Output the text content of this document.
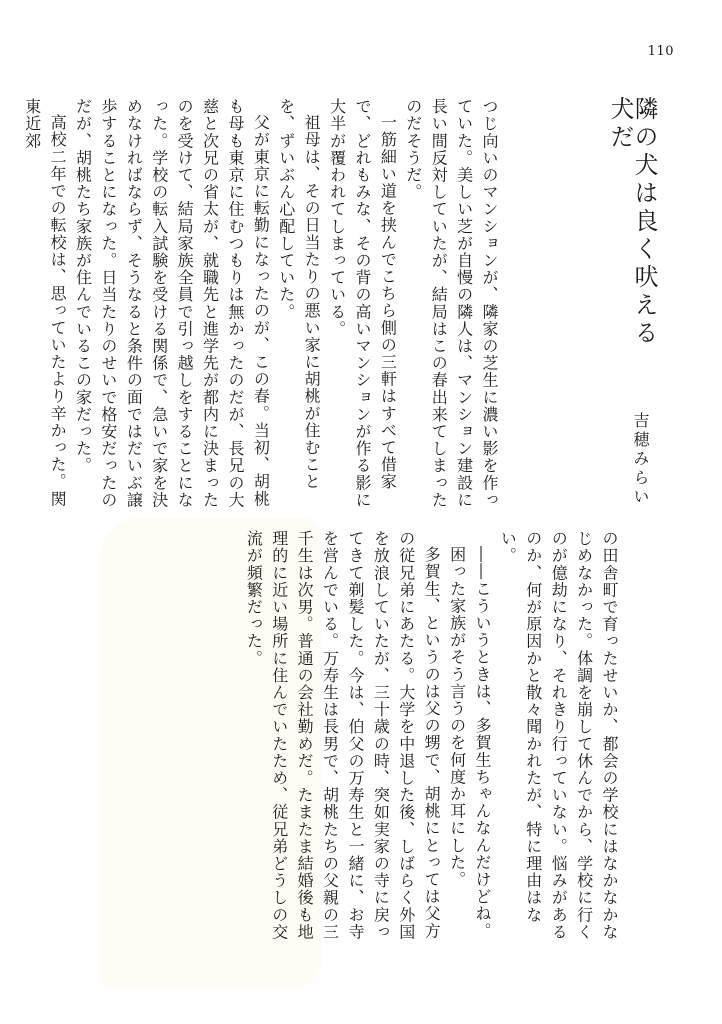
110
隣の犬は良く吠える犬だ
吉穂みらい
つじ向いのマンションが、隣家の芝生に濃い影を作っていた。美しい芝が自慢の隣人は、マンション建設に長い間反対していたが、結局はこの春出来てしまったのだそうだ。
一筋細い道を挟んでこちら側の三軒はすべて借家で、どれもみな、その背の高いマンションが作る影に大半が覆われてしまっている。
祖母は、その日当たりの悪い家に胡桃が住むことを、ずいぶん心配していた。
父が東京に転勤になったのが、この春。当初、胡桃も母も東京に住むつもりは無かったのだが、長兄の大慈と次兄の省太が、就職先と進学先が都内に決まったのを受けて、結局家族全員で引っ越しをすることになった。学校の転入試験を受ける関係で、急いで家を決めなければならず、そうなると条件の面ではだいぶ譲歩することになった。日当たりのせいで格安だったのだが、胡桃たち家族が住んでいるこの家だった。
高校二年での転校は、思っていたより辛かった。関東近郊
の田舎町で育ったせいか、都会の学校にはなかなかなじめなかった。体調を崩して休んでから、学校に行くのが億劫になり、それきり行っていない。悩みがあるのか、何が原因かと散々聞かれたが、特に理由はない。
――こういうときは、多賀生ちゃんなんだけどね。
困った家族がそう言うのを何度か耳にした。
多賀生、というのは父の甥で、胡桃にとっては父方の従兄弟にあたる。大学を中退した後、しばらく外国を放浪していたが、三十歳の時、突如実家の寺に戻ってきて剃髪した。今は、伯父の万寿生と一緒に、お寺を営んでいる。万寿生は長男で、胡桃たちの父親の三千生は次男。普通の会社勤めだ。たまたま結婚後も地理的に近い場所に住んでいたため、従兄弟どうしの交流が頻繁だった。
